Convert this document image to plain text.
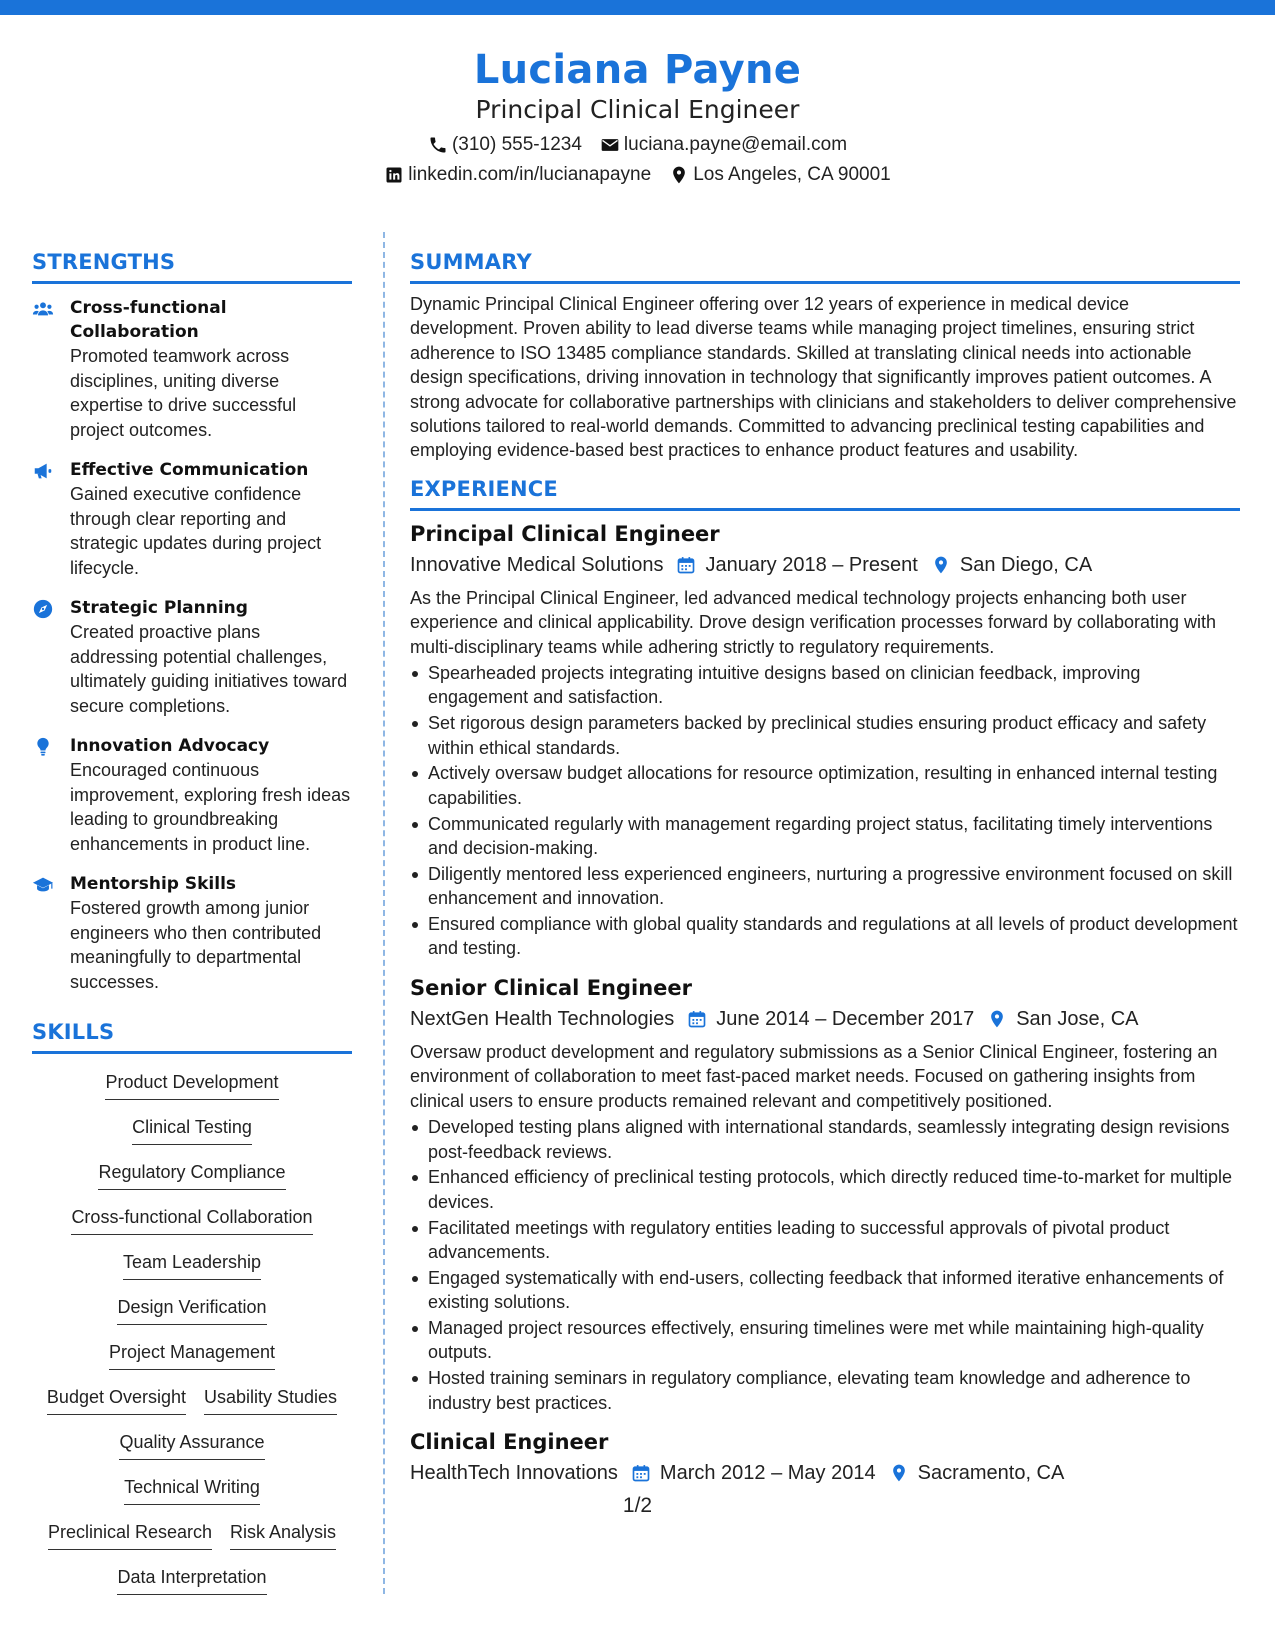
Luciana Payne
Principal Clinical Engineer
(310) 555-1234 luciana.payne@email.com
linkedin.com/in/lucianapayne Los Angeles, CA 90001
STRENGTHS
Cross-functional Collaboration
Promoted teamwork across disciplines, uniting diverse expertise to drive successful project outcomes.
Effective Communication
Gained executive confidence through clear reporting and strategic updates during project lifecycle.
Strategic Planning
Created proactive plans addressing potential challenges, ultimately guiding initiatives toward secure completions.
Innovation Advocacy
Encouraged continuous improvement, exploring fresh ideas leading to groundbreaking enhancements in product line.
Mentorship Skills
Fostered growth among junior engineers who then contributed meaningfully to departmental successes.
SKILLS
Product Development
Clinical Testing
Regulatory Compliance
Cross-functional Collaboration
Team Leadership
Design Verification
Project Management
Budget Oversight Usability Studies
Quality Assurance
Technical Writing
Preclinical Research Risk Analysis
Data Interpretation
SUMMARY

Dynamic Principal Clinical Engineer offering over 12 years of experience in medical device development. Proven ability to lead diverse teams while managing project timelines, ensuring strict adherence to ISO 13485 compliance standards. Skilled at translating clinical needs into actionable design specifications, driving innovation in technology that significantly improves patient outcomes. A strong advocate for collaborative partnerships with clinicians and stakeholders to deliver comprehensive solutions tailored to real-world demands. Committed to advancing preclinical testing capabilities and employing evidence-based best practices to enhance product features and usability.

EXPERIENCE
Principal Clinical Engineer
Innovative Medical Solutions January 2018 – Present San Diego, CA

As the Principal Clinical Engineer, led advanced medical technology projects enhancing both user experience and clinical applicability. Drove design verification processes forward by collaborating with multi-disciplinary teams while adhering strictly to regulatory requirements.

Spearheaded projects integrating intuitive designs based on clinician feedback, improving engagement and satisfaction.
Set rigorous design parameters backed by preclinical studies ensuring product efficacy and safety within ethical standards.
Actively oversaw budget allocations for resource optimization, resulting in enhanced internal testing capabilities.
Communicated regularly with management regarding project status, facilitating timely interventions and decision-making.
Diligently mentored less experienced engineers, nurturing a progressive environment focused on skill enhancement and innovation.
Ensured compliance with global quality standards and regulations at all levels of product development and testing.
Senior Clinical Engineer
NextGen Health Technologies June 2014 – December 2017 San Jose, CA

Oversaw product development and regulatory submissions as a Senior Clinical Engineer, fostering an environment of collaboration to meet fast-paced market needs. Focused on gathering insights from clinical users to ensure products remained relevant and competitively positioned.

Developed testing plans aligned with international standards, seamlessly integrating design revisions post-feedback reviews.
Enhanced efficiency of preclinical testing protocols, which directly reduced time-to-market for multiple devices.
Facilitated meetings with regulatory entities leading to successful approvals of pivotal product advancements.
Engaged systematically with end-users, collecting feedback that informed iterative enhancements of existing solutions.
Managed project resources effectively, ensuring timelines were met while maintaining high-quality outputs.
Hosted training seminars in regulatory compliance, elevating team knowledge and adherence to industry best practices.
Clinical Engineer
HealthTech Innovations March 2012 – May 2014 Sacramento, CA
1/2
